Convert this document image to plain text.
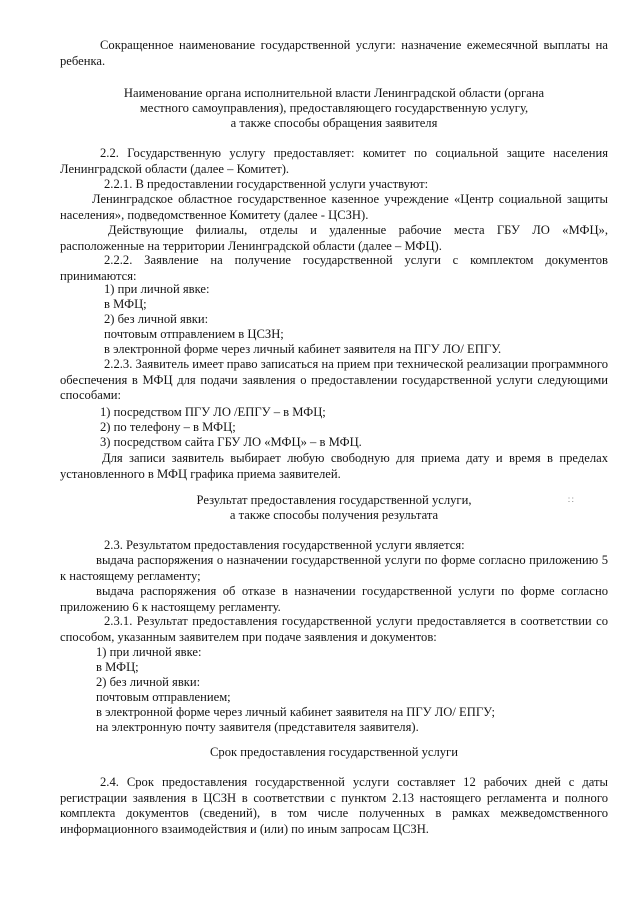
Сокращенное наименование государственной услуги: назначение ежемесячной выплаты на ребенка.
Наименование органа исполнительной власти Ленинградской области (органа
местного самоуправления), предоставляющего государственную услугу,
а также способы обращения заявителя
2.2. Государственную услугу предоставляет: комитет по социальной защите населения Ленинградской области (далее – Комитет).
2.2.1. В предоставлении государственной услуги участвуют:
Ленинградское областное государственное казенное учреждение «Центр социальной защиты населения», подведомственное Комитету (далее - ЦСЗН).
Действующие филиалы, отделы и удаленные рабочие места ГБУ ЛО «МФЦ», расположенные на территории Ленинградской области (далее – МФЦ).
2.2.2. Заявление на получение государственной услуги с комплектом документов принимаются:
1) при личной явке:
в МФЦ;
2) без личной явки:
почтовым отправлением в ЦСЗН;
в электронной форме через личный кабинет заявителя на ПГУ ЛО/ ЕПГУ.
2.2.3. Заявитель имеет право записаться на прием при технической реализации программного обеспечения в МФЦ для подачи заявления о предоставлении государственной услуги следующими способами:
1) посредством ПГУ ЛО /ЕПГУ – в МФЦ;
2) по телефону – в МФЦ;
3) посредством сайта ГБУ ЛО «МФЦ» – в МФЦ.
Для записи заявитель выбирает любую свободную для приема дату и время в пределах установленного в МФЦ графика приема заявителей.
Результат предоставления государственной услуги,
а также способы получения результата
∷
2.3. Результатом предоставления государственной услуги является:
выдача распоряжения о назначении государственной услуги по форме согласно приложению 5 к настоящему регламенту;
выдача распоряжения об отказе в назначении государственной услуги по форме согласно приложению 6 к настоящему регламенту.
2.3.1. Результат предоставления государственной услуги предоставляется в соответствии со способом, указанным заявителем при подаче заявления и документов:
1) при личной явке:
в МФЦ;
2) без личной явки:
почтовым отправлением;
в электронной форме через личный кабинет заявителя на ПГУ ЛО/ ЕПГУ;
на электронную почту заявителя (представителя заявителя).
Срок предоставления государственной услуги
2.4. Срок предоставления государственной услуги составляет 12 рабочих дней с даты регистрации заявления в ЦСЗН в соответствии с пунктом 2.13 настоящего регламента и полного комплекта документов (сведений), в том числе полученных в рамках межведомственного информационного взаимодействия и (или) по иным запросам ЦСЗН.
